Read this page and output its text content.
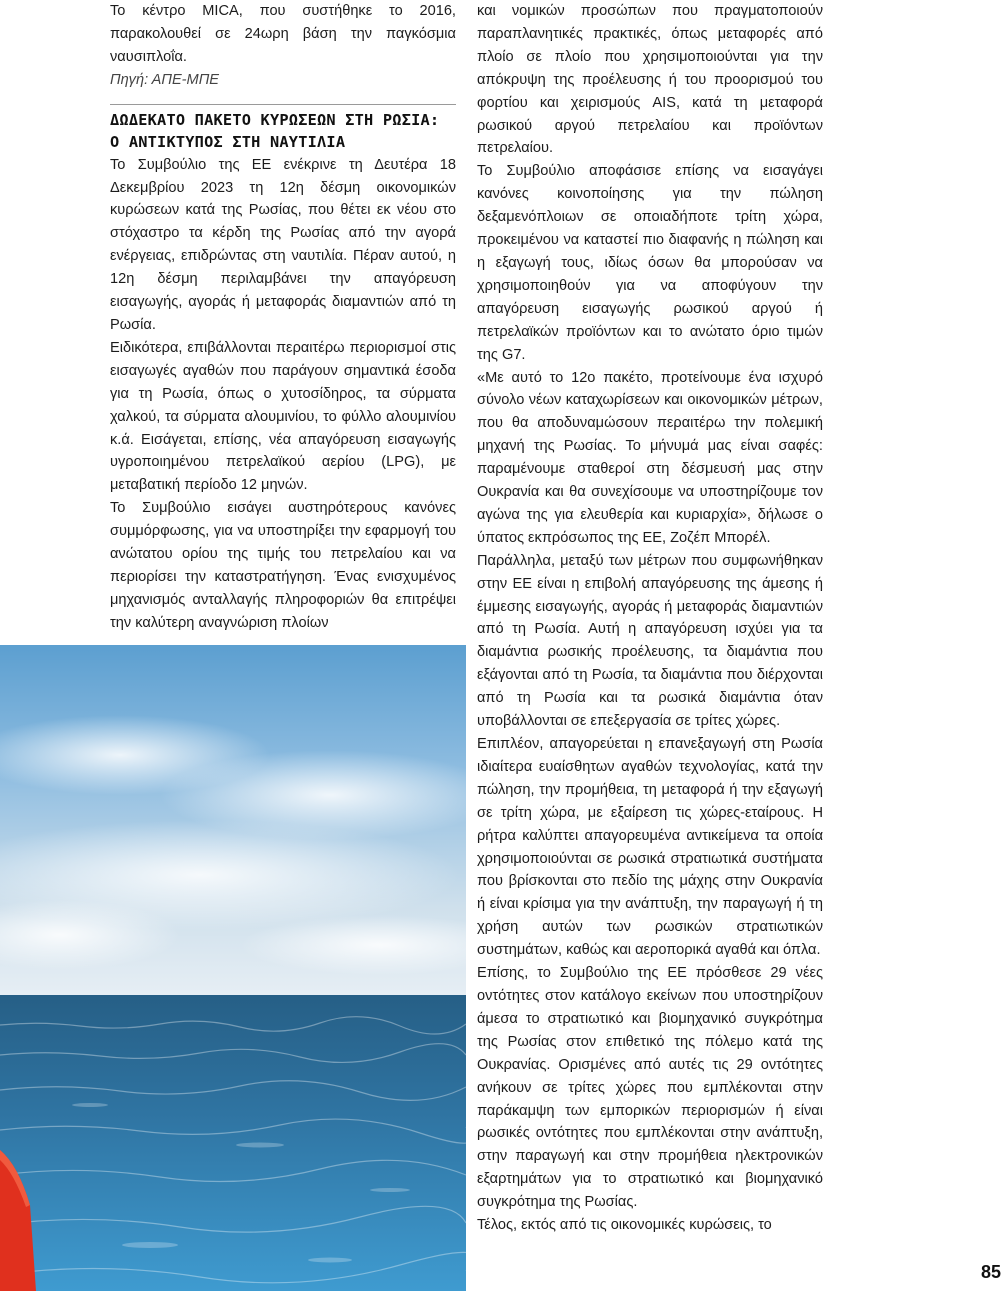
Το κέντρο MICA, που συστήθηκε το 2016, παρακολουθεί σε 24ωρη βάση την παγκόσμια ναυσιπλοΐα.

Πηγή: ΑΠΕ-ΜΠΕ

ΔΩΔΕΚΑΤΟ ΠΑΚΕΤΟ ΚΥΡΩΣΕΩΝ ΣΤΗ ΡΩΣΙΑ: Ο ΑΝΤΙΚΤΥΠΟΣ ΣΤΗ ΝΑΥΤΙΛΙΑ

Το Συμβούλιο της ΕΕ ενέκρινε τη Δευτέρα 18 Δεκεμβρίου 2023 τη 12η δέσμη οικονομικών κυρώσεων κατά της Ρωσίας, που θέτει εκ νέου στο στόχαστρο τα κέρδη της Ρωσίας από την αγορά ενέργειας, επιδρώντας στη ναυτιλία. Πέραν αυτού, η 12η δέσμη περιλαμβάνει την απαγόρευση εισαγωγής, αγοράς ή μεταφοράς διαμαντιών από τη Ρωσία.

Ειδικότερα, επιβάλλονται περαιτέρω περιορισμοί στις εισαγωγές αγαθών που παράγουν σημαντικά έσοδα για τη Ρωσία, όπως ο χυτοσίδηρος, τα σύρματα χαλκού, τα σύρματα αλουμινίου, το φύλλο αλουμινίου κ.ά. Εισάγεται, επίσης, νέα απαγόρευση εισαγωγής υγροποιημένου πετρελαϊκού αερίου (LPG), με μεταβατική περίοδο 12 μηνών.

Το Συμβούλιο εισάγει αυστηρότερους κανόνες συμμόρφωσης, για να υποστηρίξει την εφαρμογή του ανώτατου ορίου της τιμής του πετρελαίου και να περιορίσει την καταστρατήγηση. Ένας ενισχυμένος μηχανισμός ανταλλαγής πληροφοριών θα επιτρέψει την καλύτερη αναγνώριση πλοίων

και νομικών προσώπων που πραγματοποιούν παραπλανητικές πρακτικές, όπως μεταφορές από πλοίο σε πλοίο που χρησιμοποιούνται για την απόκρυψη της προέλευσης ή του προορισμού του φορτίου και χειρισμούς AIS, κατά τη μεταφορά ρωσικού αργού πετρελαίου και προϊόντων πετρελαίου.

Το Συμβούλιο αποφάσισε επίσης να εισαγάγει κανόνες κοινοποίησης για την πώληση δεξαμενόπλοιων σε οποιαδήποτε τρίτη χώρα, προκειμένου να καταστεί πιο διαφανής η πώληση και η εξαγωγή τους, ιδίως όσων θα μπορούσαν να χρησιμοποιηθούν για να αποφύγουν την απαγόρευση εισαγωγής ρωσικού αργού ή πετρελαϊκών προϊόντων και το ανώτατο όριο τιμών της G7.

«Με αυτό το 12ο πακέτο, προτείνουμε ένα ισχυρό σύνολο νέων καταχωρίσεων και οικονομικών μέτρων, που θα αποδυναμώσουν περαιτέρω την πολεμική μηχανή της Ρωσίας. Το μήνυμά μας είναι σαφές: παραμένουμε σταθεροί στη δέσμευσή μας στην Ουκρανία και θα συνεχίσουμε να υποστηρίζουμε τον αγώνα της για ελευθερία και κυριαρχία», δήλωσε ο ύπατος εκπρόσωπος της ΕΕ, Ζοζέπ Μπορέλ.

Παράλληλα, μεταξύ των μέτρων που συμφωνήθηκαν στην ΕΕ είναι η επιβολή απαγόρευσης της άμεσης ή έμμεσης εισαγωγής, αγοράς ή μεταφοράς διαμαντιών από τη Ρωσία. Αυτή η απαγόρευση ισχύει για τα διαμάντια ρωσικής προέλευσης, τα διαμάντια που εξάγονται από τη Ρωσία, τα διαμάντια που διέρχονται από τη Ρωσία και τα ρωσικά διαμάντια όταν υποβάλλονται σε επεξεργασία σε τρίτες χώρες.

Επιπλέον, απαγορεύεται η επανεξαγωγή στη Ρωσία ιδιαίτερα ευαίσθητων αγαθών τεχνολογίας, κατά την πώληση, την προμήθεια, τη μεταφορά ή την εξαγωγή σε τρίτη χώρα, με εξαίρεση τις χώρες-εταίρους. Η ρήτρα καλύπτει απαγορευμένα αντικείμενα τα οποία χρησιμοποιούνται σε ρωσικά στρατιωτικά συστήματα που βρίσκονται στο πεδίο της μάχης στην Ουκρανία ή είναι κρίσιμα για την ανάπτυξη, την παραγωγή ή τη χρήση αυτών των ρωσικών στρατιωτικών συστημάτων, καθώς και αεροπορικά αγαθά και όπλα.

Επίσης, το Συμβούλιο της ΕΕ πρόσθεσε 29 νέες οντότητες στον κατάλογο εκείνων που υποστηρίζουν άμεσα το στρατιωτικό και βιομηχανικό συγκρότημα της Ρωσίας στον επιθετικό της πόλεμο κατά της Ουκρανίας. Ορισμένες από αυτές τις 29 οντότητες ανήκουν σε τρίτες χώρες που εμπλέκονται στην παράκαμψη των εμπορικών περιορισμών ή είναι ρωσικές οντότητες που εμπλέκονται στην ανάπτυξη, στην παραγωγή και στην προμήθεια ηλεκτρονικών εξαρτημάτων για το στρατιωτικό και βιομηχανικό συγκρότημα της Ρωσίας.

Τέλος, εκτός από τις οικονομικές κυρώσεις, το

85
